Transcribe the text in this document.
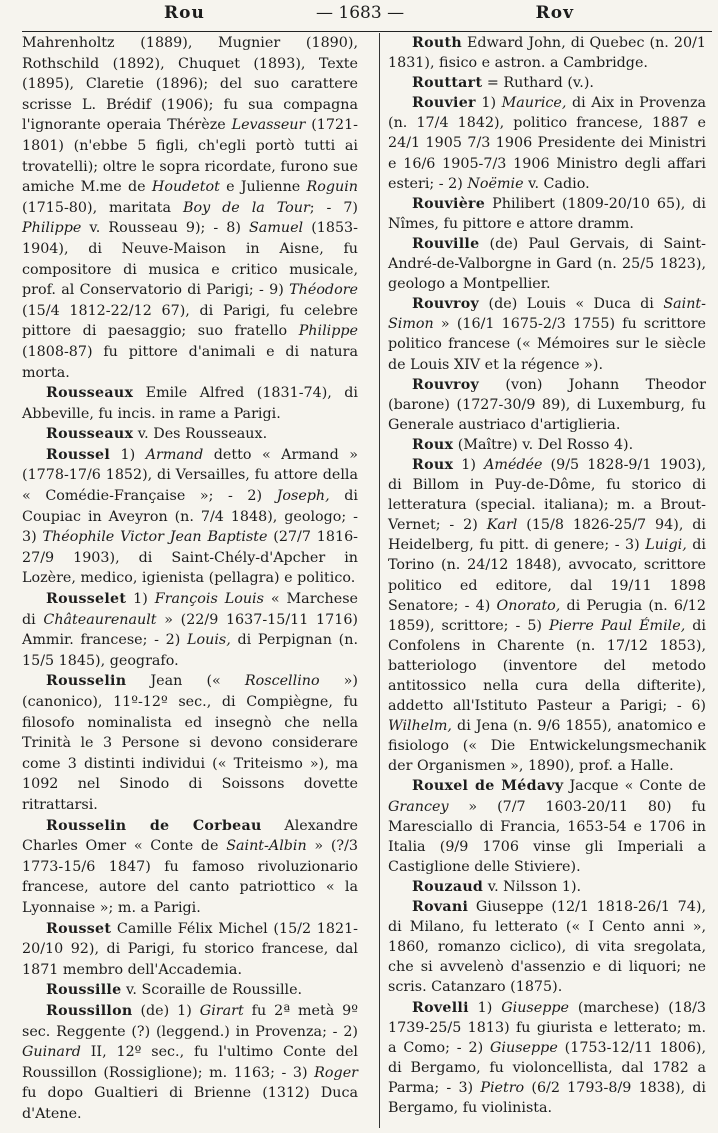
Rou	— 1683 —	Rov

Mahrenholtz (1889), Mugnier (1890), Rothschild (1892), Chuquet (1893), Texte (1895), Claretie (1896); del suo carattere scrisse L. Brédif (1906); fu sua compagna l'ignorante operaia Thérèze Levasseur (1721-1801) (n'ebbe 5 figli, ch'egli portò tutti ai trovatelli); oltre le sopra ricordate, furono sue amiche M.me de Houdetot e Julienne Roguin (1715-80), maritata Boy de la Tour; - 7) Philippe v. Rousseau 9); - 8) Samuel (1853-1904), di Neuve-Maison in Aisne, fu compositore di musica e critico musicale, prof. al Conservatorio di Parigi; - 9) Théodore (15/4 1812-22/12 67), di Parigi, fu celebre pittore di paesaggio; suo fratello Philippe (1808-87) fu pittore d'animali e di natura morta.

Rousseaux Emile Alfred (1831-74), di Abbeville, fu incis. in rame a Parigi.

Rousseaux v. Des Rousseaux.

Roussel 1) Armand detto « Armand » (1778-17/6 1852), di Versailles, fu attore della « Comédie-Française »; - 2) Joseph, di Coupiac in Aveyron (n. 7/4 1848), geologo; - 3) Théophile Victor Jean Baptiste (27/7 1816-27/9 1903), di Saint-Chély-d'Apcher in Lozère, medico, igienista (pellagra) e politico.

Rousselet 1) François Louis « Marchese di Châteaurenault » (22/9 1637-15/11 1716) Ammir. francese; - 2) Louis, di Perpignan (n. 15/5 1845), geografo.

Rousselin Jean (« Roscellino ») (canonico), 11º-12º sec., di Compiègne, fu filosofo nominalista ed insegnò che nella Trinità le 3 Persone si devono considerare come 3 distinti individui (« Triteismo »), ma 1092 nel Sinodo di Soissons dovette ritrattarsi.

Rousselin de Corbeau Alexandre Charles Omer « Conte de Saint-Albin » (?/3 1773-15/6 1847) fu famoso rivoluzionario francese, autore del canto patriottico « la Lyonnaise »; m. a Parigi.

Rousset Camille Félix Michel (15/2 1821-20/10 92), di Parigi, fu storico francese, dal 1871 membro dell'Accademia.

Roussille v. Scoraille de Roussille.

Roussillon (de) 1) Girart fu 2ª metà 9º sec. Reggente (?) (leggend.) in Provenza; - 2) Guinard II, 12º sec., fu l'ultimo Conte del Roussillon (Rossiglione); m. 1163; - 3) Roger fu dopo Gualtieri di Brienne (1312) Duca d'Atene.

Routh Edward John, di Quebec (n. 20/1 1831), fisico e astron. a Cambridge.

Routtart = Ruthard (v.).

Rouvier 1) Maurice, di Aix in Provenza (n. 17/4 1842), politico francese, 1887 e 24/1 1905 7/3 1906 Presidente dei Ministri e 16/6 1905-7/3 1906 Ministro degli affari esteri; - 2) Noëmie v. Cadio.

Rouvière Philibert (1809-20/10 65), di Nîmes, fu pittore e attore dramm.

Rouville (de) Paul Gervais, di Saint-André-de-Valborgne in Gard (n. 25/5 1823), geologo a Montpellier.

Rouvroy (de) Louis « Duca di Saint-Simon » (16/1 1675-2/3 1755) fu scrittore politico francese (« Mémoires sur le siècle de Louis XIV et la régence »).

Rouvroy (von) Johann Theodor (barone) (1727-30/9 89), di Luxemburg, fu Generale austriaco d'artiglieria.

Roux (Maître) v. Del Rosso 4).

Roux 1) Amédée (9/5 1828-9/1 1903), di Billom in Puy-de-Dôme, fu storico di letteratura (special. italiana); m. a Brout-Vernet; - 2) Karl (15/8 1826-25/7 94), di Heidelberg, fu pitt. di genere; - 3) Luigi, di Torino (n. 24/12 1848), avvocato, scrittore politico ed editore, dal 19/11 1898 Senatore; - 4) Onorato, di Perugia (n. 6/12 1859), scrittore; - 5) Pierre Paul Émile, di Confolens in Charente (n. 17/12 1853), batteriologo (inventore del metodo antitossico nella cura della difterite), addetto all'Istituto Pasteur a Parigi; - 6) Wilhelm, di Jena (n. 9/6 1855), anatomico e fisiologo (« Die Entwickelungsmechanik der Organismen », 1890), prof. a Halle.

Rouxel de Médavy Jacque « Conte de Grancey » (7/7 1603-20/11 80) fu Maresciallo di Francia, 1653-54 e 1706 in Italia (9/9 1706 vinse gli Imperiali a Castiglione delle Stiviere).

Rouzaud v. Nilsson 1).

Rovani Giuseppe (12/1 1818-26/1 74), di Milano, fu letterato (« I Cento anni », 1860, romanzo ciclico), di vita sregolata, che si avvelenò d'assenzio e di liquori; ne scris. Catanzaro (1875).

Rovelli 1) Giuseppe (marchese) (18/3 1739-25/5 1813) fu giurista e letterato; m. a Como; - 2) Giuseppe (1753-12/11 1806), di Bergamo, fu violoncellista, dal 1782 a Parma; - 3) Pietro (6/2 1793-8/9 1838), di Bergamo, fu violinista.
